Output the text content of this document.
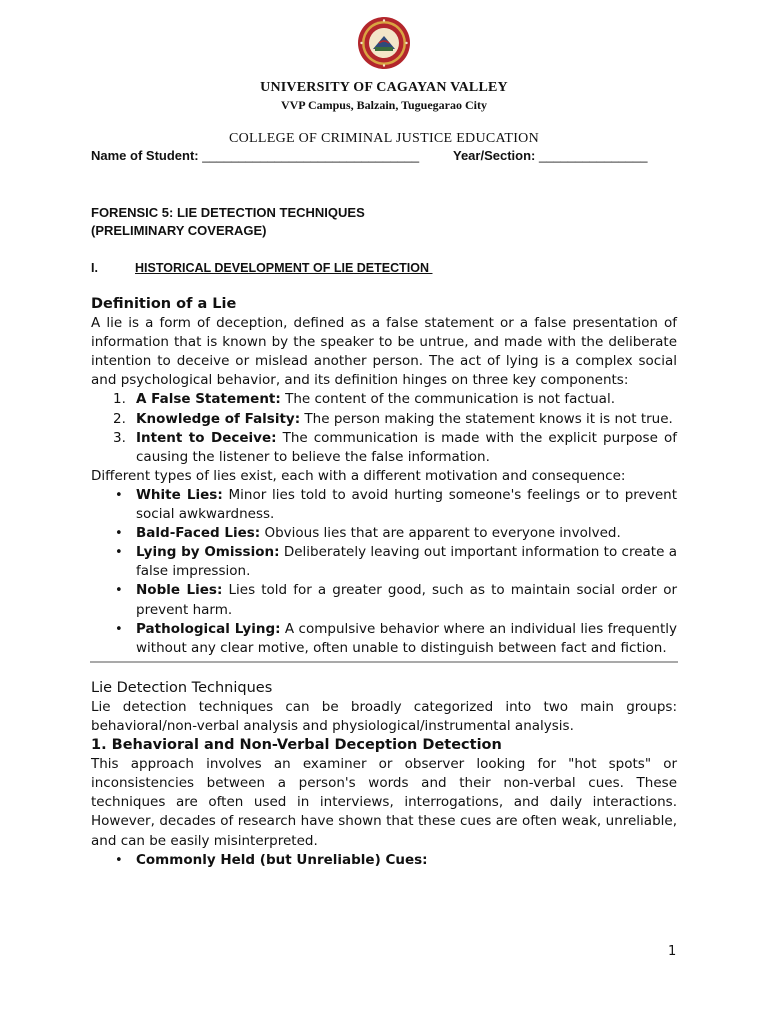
UNIVERSITY OF CAGAYAN VALLEY
VVP Campus, Balzain, Tuguegarao City
COLLEGE OF CRIMINAL JUSTICE EDUCATION
Name of Student: ______________________________	Year/Section: _______________
FORENSIC 5: LIE DETECTION TECHNIQUES
(PRELIMINARY COVERAGE)
I.	HISTORICAL DEVELOPMENT OF LIE DETECTION

Definition of a Lie

A lie is a form of deception, defined as a false statement or a false presentation of information that is known by the speaker to be untrue, and made with the deliberate intention to deceive or mislead another person. The act of lying is a complex social and psychological behavior, and its definition hinges on three key components:

1. A False Statement: The content of the communication is not factual.
2. Knowledge of Falsity: The person making the statement knows it is not true.
3. Intent to Deceive: The communication is made with the explicit purpose of causing the listener to believe the false information.

Different types of lies exist, each with a different motivation and consequence:

• White Lies: Minor lies told to avoid hurting someone's feelings or to prevent social awkwardness.
• Bald-Faced Lies: Obvious lies that are apparent to everyone involved.
• Lying by Omission: Deliberately leaving out important information to create a false impression.
• Noble Lies: Lies told for a greater good, such as to maintain social order or prevent harm.
• Pathological Lying: A compulsive behavior where an individual lies frequently without any clear motive, often unable to distinguish between fact and fiction.

Lie Detection Techniques

Lie detection techniques can be broadly categorized into two main groups: behavioral/non-verbal analysis and physiological/instrumental analysis.

1. Behavioral and Non-Verbal Deception Detection

This approach involves an examiner or observer looking for "hot spots" or inconsistencies between a person's words and their non-verbal cues. These techniques are often used in interviews, interrogations, and daily interactions. However, decades of research have shown that these cues are often weak, unreliable, and can be easily misinterpreted.

• Commonly Held (but Unreliable) Cues:
1
